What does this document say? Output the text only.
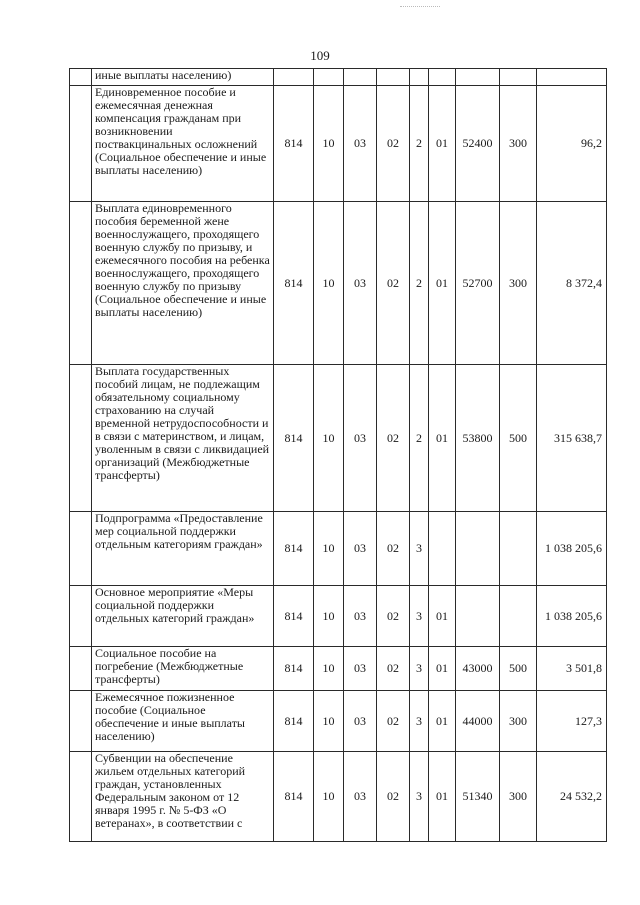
109
	иные выплаты населению)									
	Единовременное пособие и ежемесячная денежная компенсация гражданам при возникновении поствакцинальных осложнений (Социальное обеспечение и иные выплаты населению)	814	10	03	02	2	01	52400	300	96,2
	Выплата единовременного пособия беременной жене военнослужащего, проходящего военную службу по призыву, и ежемесячного пособия на ребенка военнослужащего, проходящего военную службу по призыву (Социальное обеспечение и иные выплаты населению)	814	10	03	02	2	01	52700	300	8 372,4
	Выплата государственных пособий лицам, не подлежащим обязательному социальному страхованию на случай временной нетрудоспособности и в связи с материнством, и лицам, уволенным в связи с ликвидацией организаций (Межбюджетные трансферты)	814	10	03	02	2	01	53800	500	315 638,7
	Подпрограмма «Предоставление мер социальной поддержки отдельным категориям граждан»	814	10	03	02	3				1 038 205,6
	Основное мероприятие «Меры социальной поддержки отдельных категорий граждан»	814	10	03	02	3	01			1 038 205,6
	Социальное пособие на погребение (Межбюджетные трансферты)	814	10	03	02	3	01	43000	500	3 501,8
	Ежемесячное пожизненное пособие (Социальное обеспечение и иные выплаты населению)	814	10	03	02	3	01	44000	300	127,3
	Субвенции на обеспечение жильем отдельных категорий граждан, установленных Федеральным законом от 12 января 1995 г. № 5-ФЗ «О ветеранах», в соответствии с	814	10	03	02	3	01	51340	300	24 532,2
